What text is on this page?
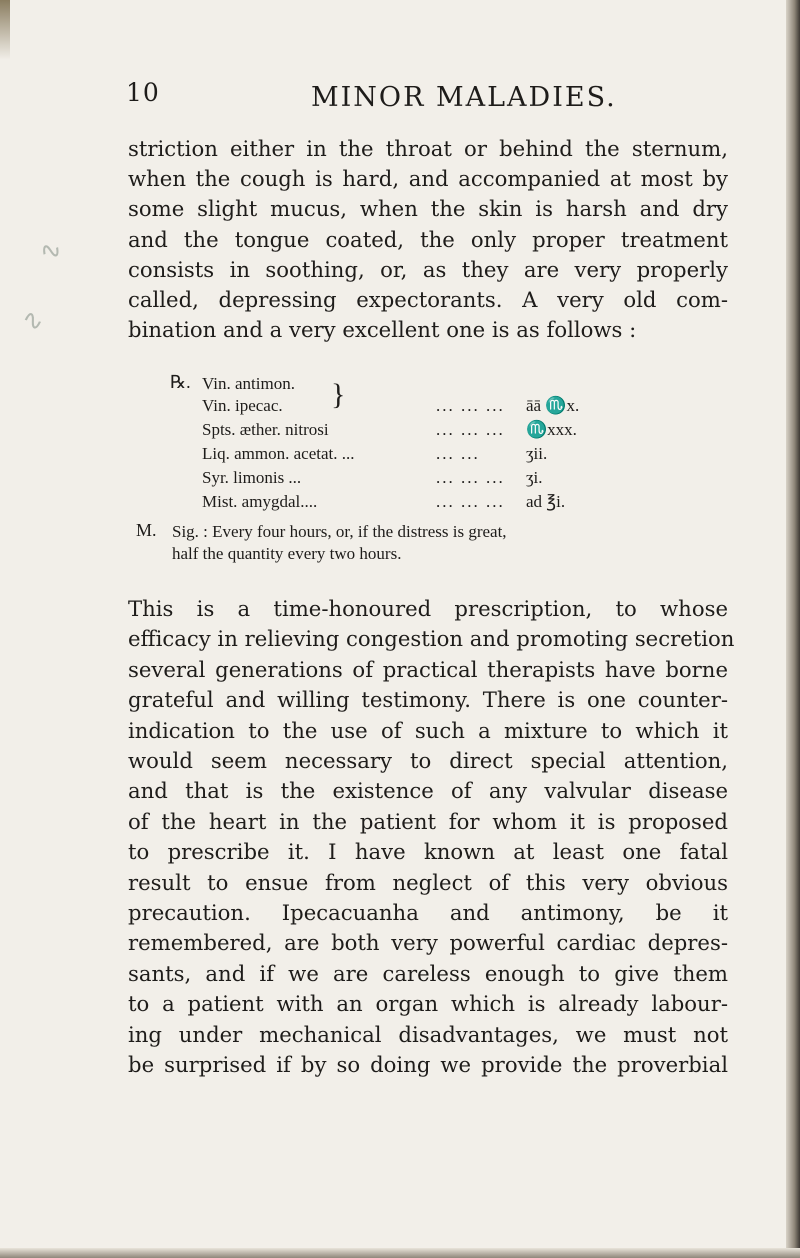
∿
∿
10	MINOR MALADIES.
striction either in the throat or behind the sternum,
when the cough is hard, and accompanied at most by
some slight mucus, when the skin is harsh and dry
and the tongue coated, the only proper treatment
consists in soothing, or, as they are very properly
called, depressing expectorants. A very old com-
bination and a very excellent one is as follows :
℞. Vin. antimon. }
Vin. ipecac.	... ... ... āā ♏x.
Spts. æther. nitrosi	... ... ... ♏xxx.
Liq. ammon. acetat. ...	... ...	ʒii.
Syr. limonis ...	... ... ... ʒi.
Mist. amygdal....	... ... ... ad ℥i.
M. Sig. : Every four hours, or, if the distress is great,
half the quantity every two hours.
This is a time-honoured prescription, to whose
efficacy in relieving congestion and promoting secretion
several generations of practical therapists have borne
grateful and willing testimony. There is one counter-
indication to the use of such a mixture to which it
would seem necessary to direct special attention,
and that is the existence of any valvular disease
of the heart in the patient for whom it is proposed
to prescribe it. I have known at least one fatal
result to ensue from neglect of this very obvious
precaution. Ipecacuanha and antimony, be it
remembered, are both very powerful cardiac depres-
sants, and if we are careless enough to give them
to a patient with an organ which is already labour-
ing under mechanical disadvantages, we must not
be surprised if by so doing we provide the proverbial
